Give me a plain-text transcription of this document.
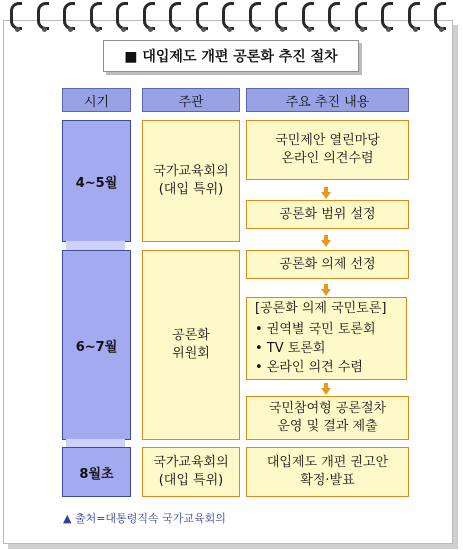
■ 대입제도 개편 공론화 추진 절차
시기	주관	주요 추진 내용
4~5월
6~7월
8월초
국가교육회의
(대입 특위)
공론화
위원회
국가교육회의
(대입 특위)
국민제안 열린마당
온라인 의견수렴
공론화 범위 설정
공론화 의제 선정
[공론화 의제 국민토론]
• 권역별 국민 토론회
• TV 토론회
• 온라인 의견 수렴
국민참여형 공론절차
운영 및 결과 제출
대입제도 개편 권고안
확정·발표
▲ 출처=대통령직속 국가교육회의
